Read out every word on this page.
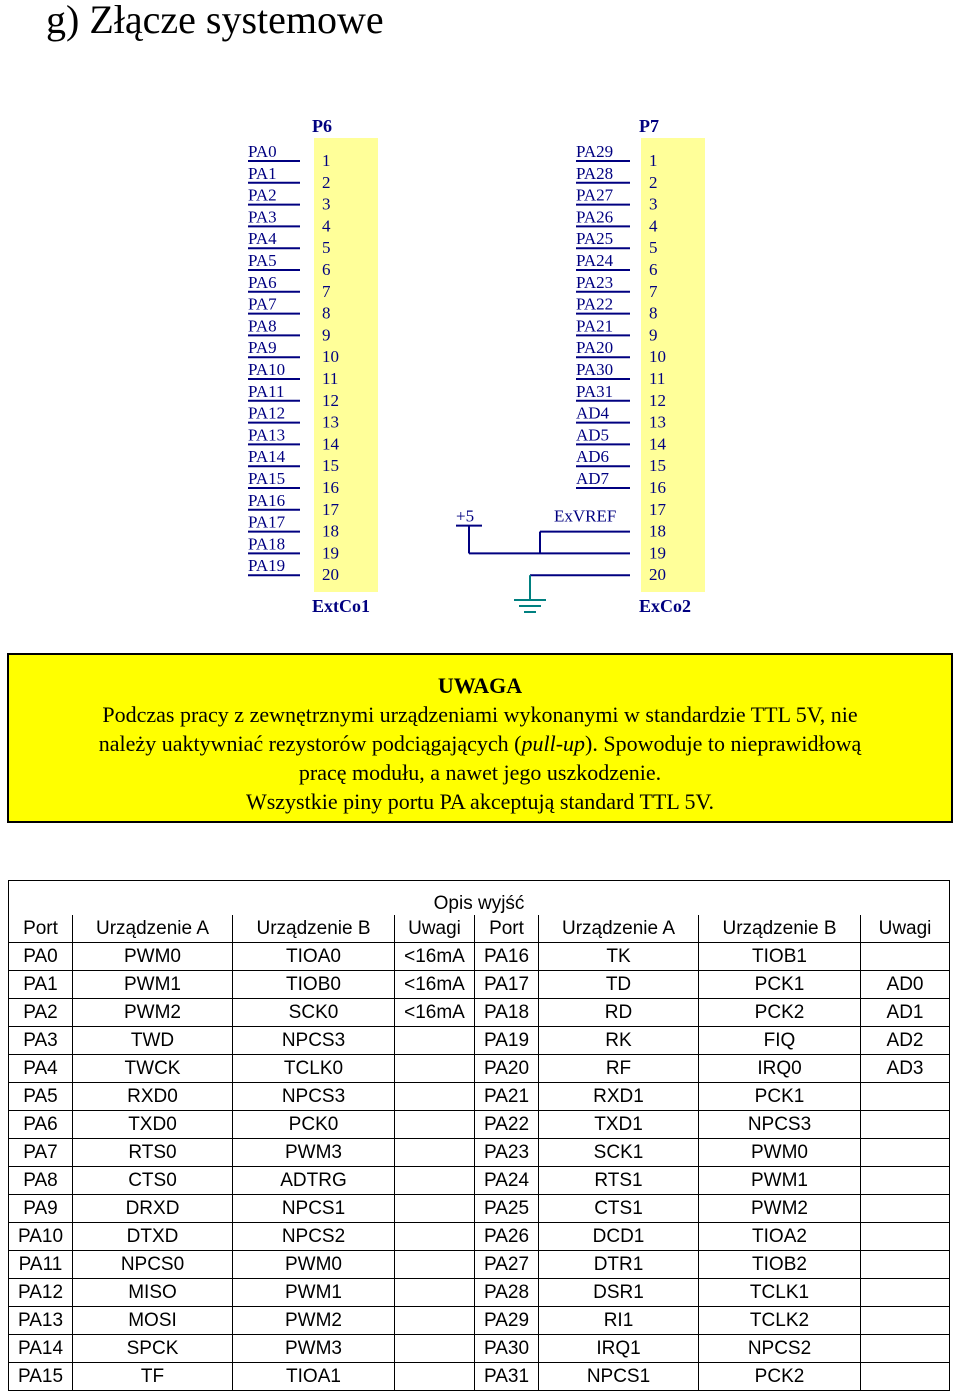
g) Złącze systemowe
P6
ExtCo1
1
PA0
2
PA1
3
PA2
4
PA3
5
PA4
6
PA5
7
PA6
8
PA7
9
PA8
10
PA9
11
PA10
12
PA11
13
PA12
14
PA13
15
PA14
16
PA15
17
PA16
18
PA17
19
PA18
20
PA19
P7
ExCo2
1
PA29
2
PA28
3
PA27
4
PA26
5
PA25
6
PA24
7
PA23
8
PA22
9
PA21
10
PA20
11
PA30
12
PA31
13
AD4
14
AD5
15
AD6
16
AD7
17
18
19
20
+5	ExVREF
UWAGA
Podczas pracy z zewnętrznymi urządzeniami wykonanymi w standardzie TTL 5V, nie
należy uaktywniać rezystorów podciągających (pull-up). Spowoduje to nieprawidłową
pracę modułu, a nawet jego uszkodzenie.
Wszystkie piny portu PA akceptują standard TTL 5V.
Opis wyjść							
Port	Urządzenie A	Urządzenie B	Uwagi	Port	Urządzenie A	Urządzenie B	Uwagi
PA0	PWM0	TIOA0	<16mA	PA16	TK	TIOB1	
PA1	PWM1	TIOB0	<16mA	PA17	TD	PCK1	AD0
PA2	PWM2	SCK0	<16mA	PA18	RD	PCK2	AD1
PA3	TWD	NPCS3		PA19	RK	FIQ	AD2
PA4	TWCK	TCLK0		PA20	RF	IRQ0	AD3
PA5	RXD0	NPCS3		PA21	RXD1	PCK1	
PA6	TXD0	PCK0		PA22	TXD1	NPCS3	
PA7	RTS0	PWM3		PA23	SCK1	PWM0	
PA8	CTS0	ADTRG		PA24	RTS1	PWM1	
PA9	DRXD	NPCS1		PA25	CTS1	PWM2	
PA10	DTXD	NPCS2		PA26	DCD1	TIOA2	
PA11	NPCS0	PWM0		PA27	DTR1	TIOB2	
PA12	MISO	PWM1		PA28	DSR1	TCLK1	
PA13	MOSI	PWM2		PA29	RI1	TCLK2	
PA14	SPCK	PWM3		PA30	IRQ1	NPCS2	
PA15	TF	TIOA1		PA31	NPCS1	PCK2	
